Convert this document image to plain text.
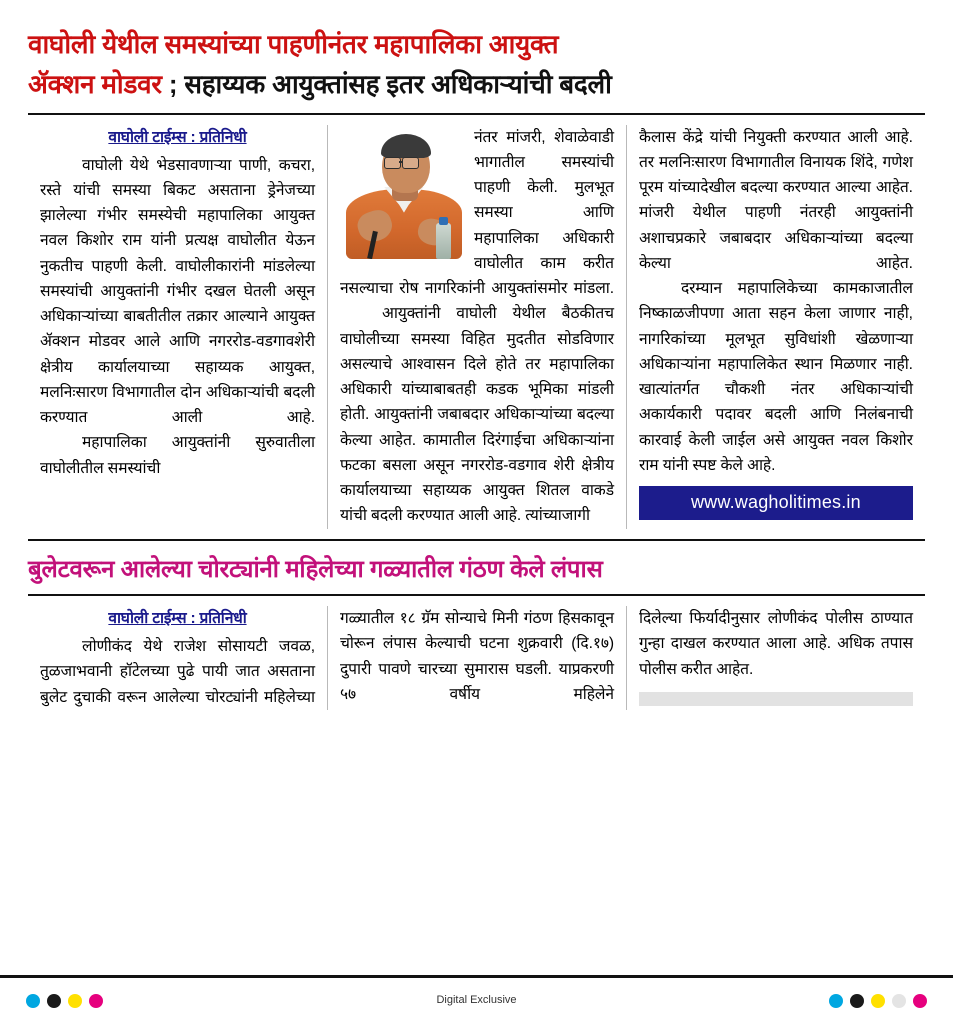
वाघोली येथील समस्यांच्या पाहणीनंतर महापालिका आयुक्त
ॲक्शन मोडवर ; सहाय्यक आयुक्तांसह इतर अधिकाऱ्यांची बदली
वाघोली टाईम्स : प्रतिनिधी

वाघोली येथे भेडसावणाऱ्या पाणी, कचरा, रस्ते यांची समस्या बिकट असताना ड्रेनेजच्या झालेल्या गंभीर समस्येची महापालिका आयुक्त नवल किशोर राम यांनी प्रत्यक्ष वाघोलीत येऊन नुकतीच पाहणी केली. वाघोलीकारांनी मांडलेल्या समस्यांची आयुक्तांनी गंभीर दखल घेतली असून अधिकाऱ्यांच्या बाबतीतील तक्रार आल्याने आयुक्त ॲक्शन मोडवर आले आणि नगररोड-वडगावशेरी क्षेत्रीय कार्यालयाच्या सहाय्यक आयुक्त, मलनिःसारण विभागातील दोन अधिकाऱ्यांची बदली करण्यात आली आहे.

महापालिका आयुक्तांनी सुरुवातीला वाघोलीतील समस्यांची

नंतर मांजरी, शेवाळेवाडी भागातील समस्यांची पाहणी केली. मुलभूत समस्या आणि महापालिका अधिकारी वाघोलीत काम करीत नसल्याचा रोष नागरिकांनी आयुक्तांसमोर मांडला.

आयुक्तांनी वाघोली येथील बैठकीतच वाघोलीच्या समस्या विहित मुदतीत सोडविणार असल्याचे आश्वासन दिले होते तर महापालिका अधिकारी यांच्याबाबतही कडक भूमिका मांडली होती. आयुक्तांनी जबाबदार अधिकाऱ्यांच्या बदल्या केल्या आहेत. कामातील दिरंगाईचा अधिकाऱ्यांना फटका बसला असून नगररोड-वडगाव शेरी क्षेत्रीय कार्यालयाच्या सहाय्यक आयुक्त शितल वाकडे यांची बदली करण्यात आली आहे. त्यांच्याजागी

कैलास केंद्रे यांची नियुक्ती करण्यात आली आहे. तर मलनिःसारण विभागातील विनायक शिंदे, गणेश पूरम यांच्यादेखील बदल्या करण्यात आल्या आहेत. मांजरी येथील पाहणी नंतरही आयुक्तांनी अशाचप्रकारे जबाबदार अधिकाऱ्यांच्या बदल्या केल्या आहेत.

दरम्यान महापालिकेच्या कामकाजातील निष्काळजीपणा आता सहन केला जाणार नाही, नागरिकांच्या मूलभूत सुविधांशी खेळणाऱ्या अधिकाऱ्यांना महापालिकेत स्थान मिळणार नाही. खात्यांतर्गत चौकशी नंतर अधिकाऱ्यांची अकार्यकारी पदावर बदली आणि निलंबनाची कारवाई केली जाईल असे आयुक्त नवल किशोर राम यांनी स्पष्ट केले आहे.

www.wagholitimes.in
बुलेटवरून आलेल्या चोरट्यांनी महिलेच्या गळ्यातील गंठण केले लंपास
वाघोली टाईम्स : प्रतिनिधी

लोणीकंद येथे राजेश सोसायटी जवळ, तुळजाभवानी हॉटेलच्या पुढे पायी जात असताना बुलेट दुचाकी वरून आलेल्या चोरट्यांनी महिलेच्या

गळ्यातील १८ ग्रॅम सोन्याचे मिनी गंठण हिसकावून चोरून लंपास केल्याची घटना शुक्रवारी (दि.१७) दुपारी पावणे चारच्या सुमारास घडली. याप्रकरणी ५७ वर्षीय महिलेने

दिलेल्या फिर्यादीनुसार लोणीकंद पोलीस ठाण्यात गुन्हा दाखल करण्यात आला आहे. अधिक तपास पोलीस करीत आहेत.

Digital Exclusive
